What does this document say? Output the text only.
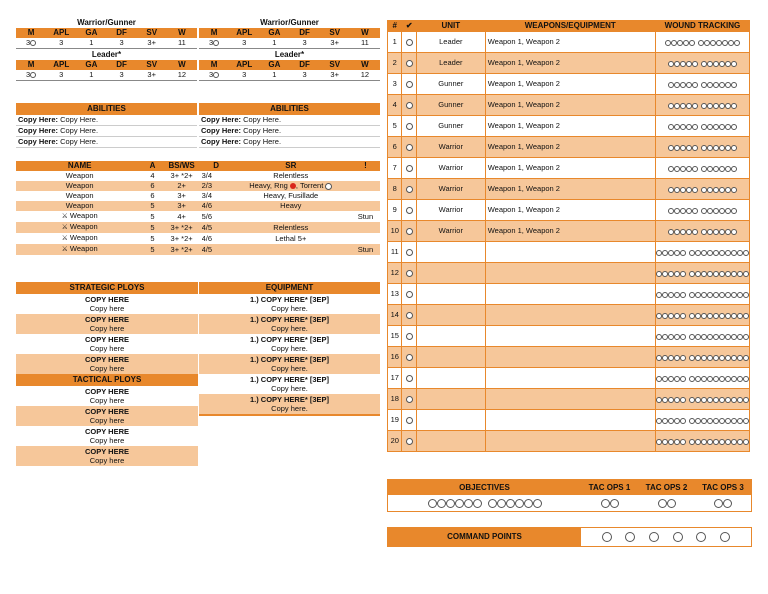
Warrior/Gunner
M	APL	GA	DF	SV	W
3	3	1	3	3+	11
Warrior/Gunner
M	APL	GA	DF	SV	W
3	3	1	3	3+	11
Leader*
M	APL	GA	DF	SV	W
3	3	1	3	3+	12
Leader*
M	APL	GA	DF	SV	W
3	3	1	3	3+	12
ABILITIES
Copy Here: Copy Here.
Copy Here: Copy Here.
Copy Here: Copy Here.
ABILITIES
Copy Here: Copy Here.
Copy Here: Copy Here.
Copy Here: Copy Here.
NAME	A	BS/WS	D	SR	!
Weapon	4	3+ *2+	3/4	Relentless	
Weapon	6	2+	2/3	Heavy, Rng , Torrent	
Weapon	6	3+	3/4	Heavy, Fusillade	
Weapon	5	3+	4/6	Heavy	
⚔ Weapon	5	4+	5/6		Stun
⚔ Weapon	5	3+ *2+	4/5	Relentless	
⚔ Weapon	5	3+ *2+	4/6	Lethal 5+	
⚔ Weapon	5	3+ *2+	4/5		Stun
STRATEGIC PLOYS
COPY HERE
Copy here
COPY HERE
Copy here
COPY HERE
Copy here
COPY HERE
Copy here
TACTICAL PLOYS
COPY HERE
Copy here
COPY HERE
Copy here
COPY HERE
Copy here
COPY HERE
Copy here
EQUIPMENT
1.) COPY HERE* [3EP]
Copy here.
1.) COPY HERE* [3EP]
Copy here.
1.) COPY HERE* [3EP]
Copy here.
1.) COPY HERE* [3EP]
Copy here.
1.) COPY HERE* [3EP]
Copy here.
1.) COPY HERE* [3EP]
Copy here.
#	✔	UNIT	WEAPONS/EQUIPMENT	WOUND TRACKING
1		Leader	Weapon 1, Weapon 2	
2		Leader	Weapon 1, Weapon 2	
3		Gunner	Weapon 1, Weapon 2	
4		Gunner	Weapon 1, Weapon 2	
5		Gunner	Weapon 1, Weapon 2	
6		Warrior	Weapon 1, Weapon 2	
7		Warrior	Weapon 1, Weapon 2	
8		Warrior	Weapon 1, Weapon 2	
9		Warrior	Weapon 1, Weapon 2	
10		Warrior	Weapon 1, Weapon 2	
11				
12				
13				
14				
15				
16				
17				
18				
19				
20				
OBJECTIVES	TAC OPS 1	TAC OPS 2	TAC OPS 3
COMMAND POINTS
